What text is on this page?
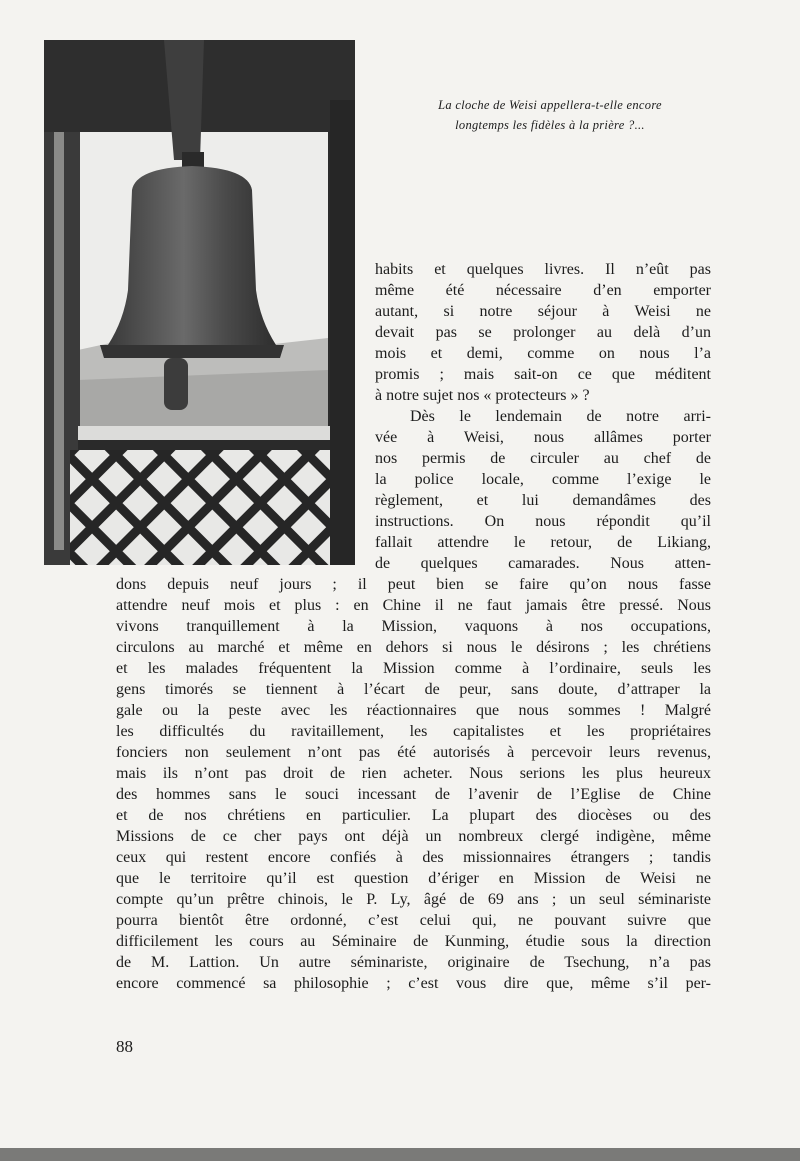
La cloche de Weisi appellera-t-elle encore
longtemps les fidèles à la prière ?...
habits et quelques livres. Il n’eût pas
même été nécessaire d’en emporter
autant, si notre séjour à Weisi ne
devait pas se prolonger au delà d’un
mois et demi, comme on nous l’a
promis ; mais sait-on ce que méditent
à notre sujet nos « protecteurs » ?
Dès le lendemain de notre arri-
vée à Weisi, nous allâmes porter
nos permis de circuler au chef de
la police locale, comme l’exige le
règlement, et lui demandâmes des
instructions. On nous répondit qu’il
fallait attendre le retour, de Likiang,
de quelques camarades. Nous atten-
dons depuis neuf jours ; il peut bien se faire qu’on nous fasse
attendre neuf mois et plus : en Chine il ne faut jamais être pressé. Nous
vivons tranquillement à la Mission, vaquons à nos occupations,
circulons au marché et même en dehors si nous le désirons ; les chrétiens
et les malades fréquentent la Mission comme à l’ordinaire, seuls les
gens timorés se tiennent à l’écart de peur, sans doute, d’attraper la
gale ou la peste avec les réactionnaires que nous sommes ! Malgré
les difficultés du ravitaillement, les capitalistes et les propriétaires
fonciers non seulement n’ont pas été autorisés à percevoir leurs revenus,
mais ils n’ont pas droit de rien acheter. Nous serions les plus heureux
des hommes sans le souci incessant de l’avenir de l’Eglise de Chine
et de nos chrétiens en particulier. La plupart des diocèses ou des
Missions de ce cher pays ont déjà un nombreux clergé indigène, même
ceux qui restent encore confiés à des missionnaires étrangers ; tandis
que le territoire qu’il est question d’ériger en Mission de Weisi ne
compte qu’un prêtre chinois, le P. Ly, âgé de 69 ans ; un seul séminariste
pourra bientôt être ordonné, c’est celui qui, ne pouvant suivre que
difficilement les cours au Séminaire de Kunming, étudie sous la direction
de M. Lattion. Un autre séminariste, originaire de Tsechung, n’a pas
encore commencé sa philosophie ; c’est vous dire que, même s’il per-
88
